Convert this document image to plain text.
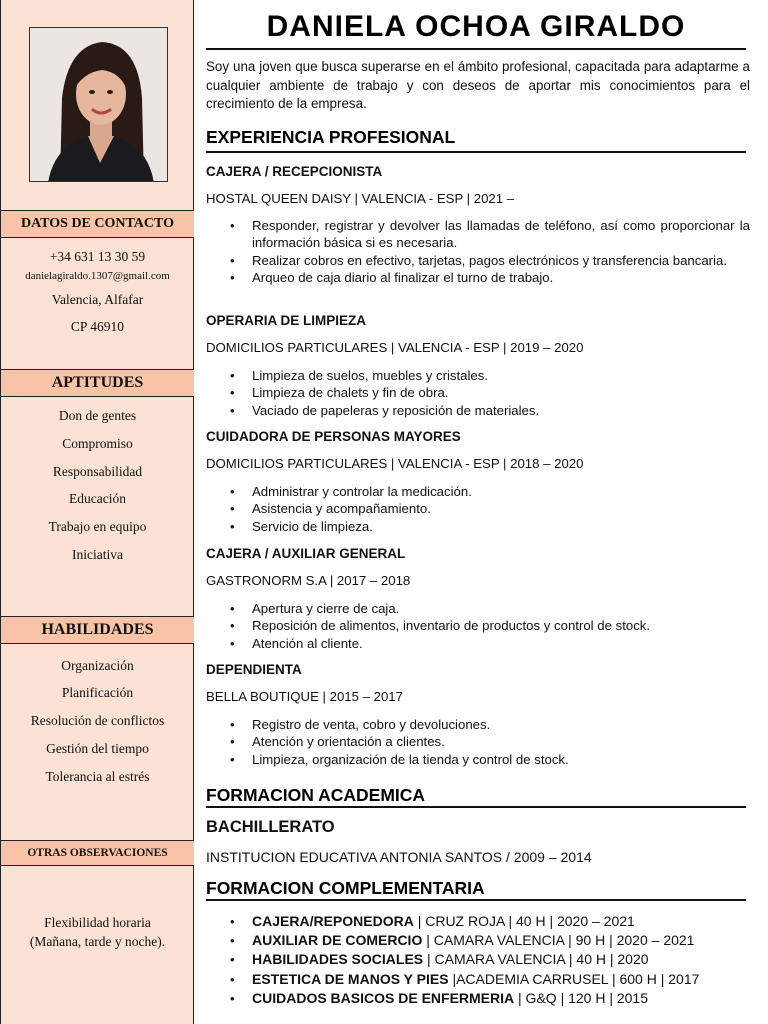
DATOS DE CONTACTO
+34 631 13 30 59
danielagiraldo.1307@gmail.com
Valencia, Alfafar
CP 46910
APTITUDES
Don de gentes
Compromiso
Responsabilidad
Educación
Trabajo en equipo
Iniciativa
HABILIDADES
Organización
Planificación
Resolución de conflictos
Gestión del tiempo
Tolerancia al estrés
OTRAS OBSERVACIONES
Flexibilidad horaria
(Mañana, tarde y noche).
DANIELA OCHOA GIRALDO
Soy una joven que busca superarse en el ámbito profesional, capacitada para adaptarme a cualquier ambiente de trabajo y con deseos de aportar mis conocimientos para el crecimiento de la empresa.
EXPERIENCIA PROFESIONAL
CAJERA / RECEPCIONISTA
HOSTAL QUEEN DAISY | VALENCIA - ESP | 2021 –
• Responder, registrar y devolver las llamadas de teléfono, así como proporcionar la información básica si es necesaria.
• Realizar cobros en efectivo, tarjetas, pagos electrónicos y transferencia bancaria.
• Arqueo de caja diario al finalizar el turno de trabajo.
OPERARIA DE LIMPIEZA
DOMICILIOS PARTICULARES | VALENCIA - ESP | 2019 – 2020
• Limpieza de suelos, muebles y cristales.
• Limpieza de chalets y fin de obra.
• Vaciado de papeleras y reposición de materiales.
CUIDADORA DE PERSONAS MAYORES
DOMICILIOS PARTICULARES | VALENCIA - ESP | 2018 – 2020
• Administrar y controlar la medicación.
• Asistencia y acompañamiento.
• Servicio de limpieza.
CAJERA / AUXILIAR GENERAL
GASTRONORM S.A | 2017 – 2018
• Apertura y cierre de caja.
• Reposición de alimentos, inventario de productos y control de stock.
• Atención al cliente.
DEPENDIENTA
BELLA BOUTIQUE | 2015 – 2017
• Registro de venta, cobro y devoluciones.
• Atención y orientación a clientes.
• Limpieza, organización de la tienda y control de stock.
FORMACION ACADEMICA
BACHILLERATO
INSTITUCION EDUCATIVA ANTONIA SANTOS / 2009 – 2014
FORMACION COMPLEMENTARIA
• CAJERA/REPONEDORA | CRUZ ROJA | 40 H | 2020 – 2021
• AUXILIAR DE COMERCIO | CAMARA VALENCIA | 90 H | 2020 – 2021
• HABILIDADES SOCIALES | CAMARA VALENCIA | 40 H | 2020
• ESTETICA DE MANOS Y PIES |ACADEMIA CARRUSEL | 600 H | 2017
• CUIDADOS BASICOS DE ENFERMERIA | G&Q | 120 H | 2015
